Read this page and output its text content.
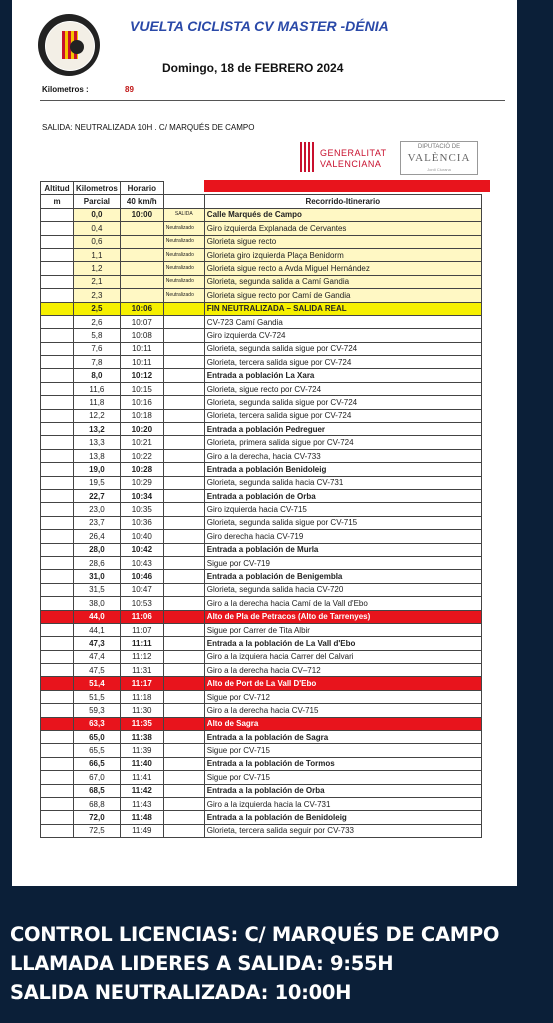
VUELTA CICLISTA CV MASTER -DÉNIA
Domingo, 18 de FEBRERO 2024
Kilometros :	89
SALIDA: NEUTRALIZADA 10H . C/ MARQUÉS DE CAMPO
GENERALITAT
VALENCIANA
DIPUTACIÓ DE
VALÈNCIA
Jordi Ciurana
Altitud	Kilometros	Horario		
m	Parcial	40 km/h		Recorrido-Itinerario
	0,0	10:00	SALIDA	Calle Marqués de Campo
	0,4		Neutralizado	Giro izquierda Explanada de Cervantes
	0,6		Neutralizado	Glorieta sigue recto
	1,1		Neutralizado	Glorieta giro izquierda Plaça Benidorm
	1,2		Neutralizado	Glorieta sigue recto a Avda Miguel Hernández
	2,1		Neutralizado	Glorieta, segunda salida a Camí Gandia
	2,3		Neutralizado	Glorieta sigue recto por Camí de Gandia
	2,5	10:06		FIN NEUTRALIZADA – SALIDA REAL
	2,6	10:07		CV-723 Camí Gandia
	5,8	10:08		Giro izquierda CV-724
	7,6	10:11		Glorieta, segunda salida sigue por CV-724
	7,8	10:11		Glorieta, tercera salida sigue por CV-724
	8,0	10:12		Entrada a población La Xara
	11,6	10:15		Glorieta, sigue recto por CV-724
	11,8	10:16		Glorieta, segunda salida sigue por CV-724
	12,2	10:18		Glorieta, tercera salida sigue por CV-724
	13,2	10:20		Entrada a población Pedreguer
	13,3	10:21		Glorieta, primera salida sigue por CV-724
	13,8	10:22		Giro a la derecha, hacia CV-733
	19,0	10:28		Entrada a población Benidoleig
	19,5	10:29		Glorieta, segunda salida hacia CV-731
	22,7	10:34		Entrada a población de Orba
	23,0	10:35		Giro izquierda hacia CV-715
	23,7	10:36		Glorieta, segunda salida sigue por CV-715
	26,4	10:40		Giro derecha hacia CV-719
	28,0	10:42		Entrada a población de Murla
	28,6	10:43		Sigue por CV-719
	31,0	10:46		Entrada a población de Benigembla
	31,5	10:47		Glorieta, segunda salida hacia CV-720
	38,0	10:53		Giro a la derecha hacia Camí de la Vall d'Ebo
	44,0	11:06		Alto de Pla de Petracos (Alto de Tarrenyes)
	44,1	11:07		Sigue por Carrer de Tita Albir
	47,3	11:11		Entrada a la población de La Vall d'Ebo
	47,4	11:12		Giro a la izquiera hacia Carrer del Calvari
	47,5	11:31		Giro a la derecha hacia CV–712
	51,4	11:17		Alto de Port de La Vall D'Ebo
	51,5	11:18		Sigue por CV-712
	59,3	11:30		Giro a la derecha hacia CV-715
	63,3	11:35		Alto de Sagra
	65,0	11:38		Entrada a la población de Sagra
	65,5	11:39		Sigue por CV-715
	66,5	11:40		Entrada a la población de Tormos
	67,0	11:41		Sigue por CV-715
	68,5	11:42		Entrada a la población de Orba
	68,8	11:43		Giro a la izquierda hacia la CV-731
	72,0	11:48		Entrada a la población de Benidoleig
	72,5	11:49		Glorieta, tercera salida seguir por CV-733
CONTROL LICENCIAS: C/ MARQUÉS DE CAMPO
LLAMADA LIDERES A SALIDA: 9:55H
SALIDA NEUTRALIZADA: 10:00H
